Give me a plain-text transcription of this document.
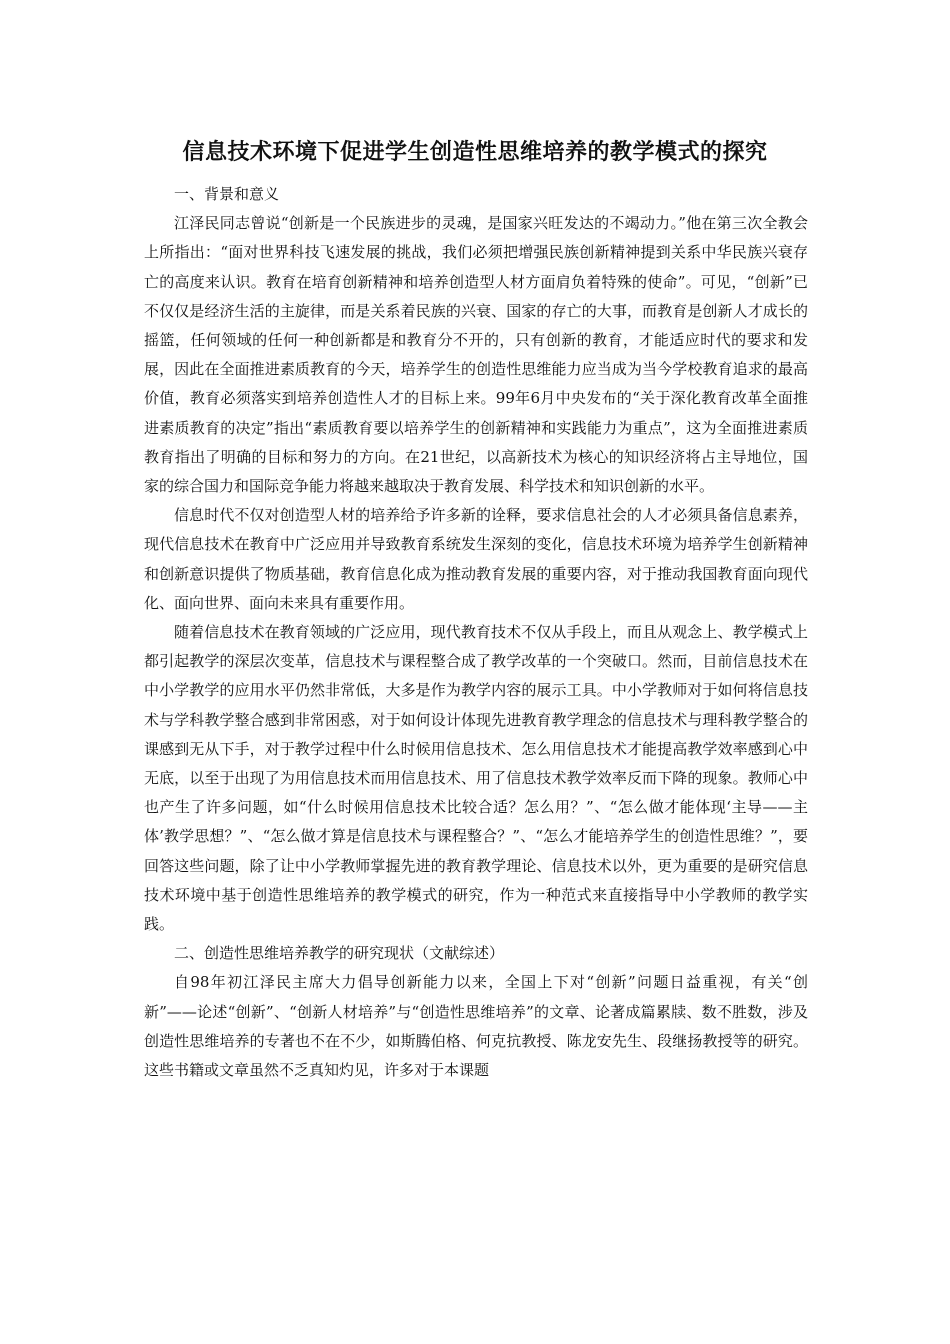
信息技术环境下促进学生创造性思维培养的教学模式的探究

一、背景和意义

江泽民同志曾说“创新是一个民族进步的灵魂，是国家兴旺发达的不竭动力。”他在第三次全教会上所指出：“面对世界科技飞速发展的挑战，我们必须把增强民族创新精神提到关系中华民族兴衰存亡的高度来认识。教育在培育创新精神和培养创造型人材方面肩负着特殊的使命”。可见，“创新”已不仅仅是经济生活的主旋律，而是关系着民族的兴衰、国家的存亡的大事，而教育是创新人才成长的摇篮，任何领域的任何一种创新都是和教育分不开的，只有创新的教育，才能适应时代的要求和发展，因此在全面推进素质教育的今天，培养学生的创造性思维能力应当成为当今学校教育追求的最高价值，教育必须落实到培养创造性人才的目标上来。99年6月中央发布的“关于深化教育改革全面推进素质教育的决定”指出“素质教育要以培养学生的创新精神和实践能力为重点”，这为全面推进素质教育指出了明确的目标和努力的方向。在21世纪，以高新技术为核心的知识经济将占主导地位，国家的综合国力和国际竞争能力将越来越取决于教育发展、科学技术和知识创新的水平。

信息时代不仅对创造型人材的培养给予许多新的诠释，要求信息社会的人才必须具备信息素养，现代信息技术在教育中广泛应用并导致教育系统发生深刻的变化，信息技术环境为培养学生创新精神和创新意识提供了物质基础，教育信息化成为推动教育发展的重要内容，对于推动我国教育面向现代化、面向世界、面向未来具有重要作用。

随着信息技术在教育领域的广泛应用，现代教育技术不仅从手段上，而且从观念上、教学模式上都引起教学的深层次变革，信息技术与课程整合成了教学改革的一个突破口。然而，目前信息技术在中小学教学的应用水平仍然非常低，大多是作为教学内容的展示工具。中小学教师对于如何将信息技术与学科教学整合感到非常困惑，对于如何设计体现先进教育教学理念的信息技术与理科教学整合的课感到无从下手，对于教学过程中什么时候用信息技术、怎么用信息技术才能提高教学效率感到心中无底，以至于出现了为用信息技术而用信息技术、用了信息技术教学效率反而下降的现象。教师心中也产生了许多问题，如“什么时候用信息技术比较合适？怎么用？”、“怎么做才能体现‘主导——主体’教学思想？”、“怎么做才算是信息技术与课程整合？”、“怎么才能培养学生的创造性思维？”，要回答这些问题，除了让中小学教师掌握先进的教育教学理论、信息技术以外，更为重要的是研究信息技术环境中基于创造性思维培养的教学模式的研究，作为一种范式来直接指导中小学教师的教学实践。

二、创造性思维培养教学的研究现状（文献综述）

自98年初江泽民主席大力倡导创新能力以来，全国上下对“创新”问题日益重视，有关“创新”——论述“创新”、“创新人材培养”与“创造性思维培养”的文章、论著成篇累牍、数不胜数，涉及创造性思维培养的专著也不在不少，如斯腾伯格、何克抗教授、陈龙安先生、段继扬教授等的研究。这些书籍或文章虽然不乏真知灼见，许多对于本课题
